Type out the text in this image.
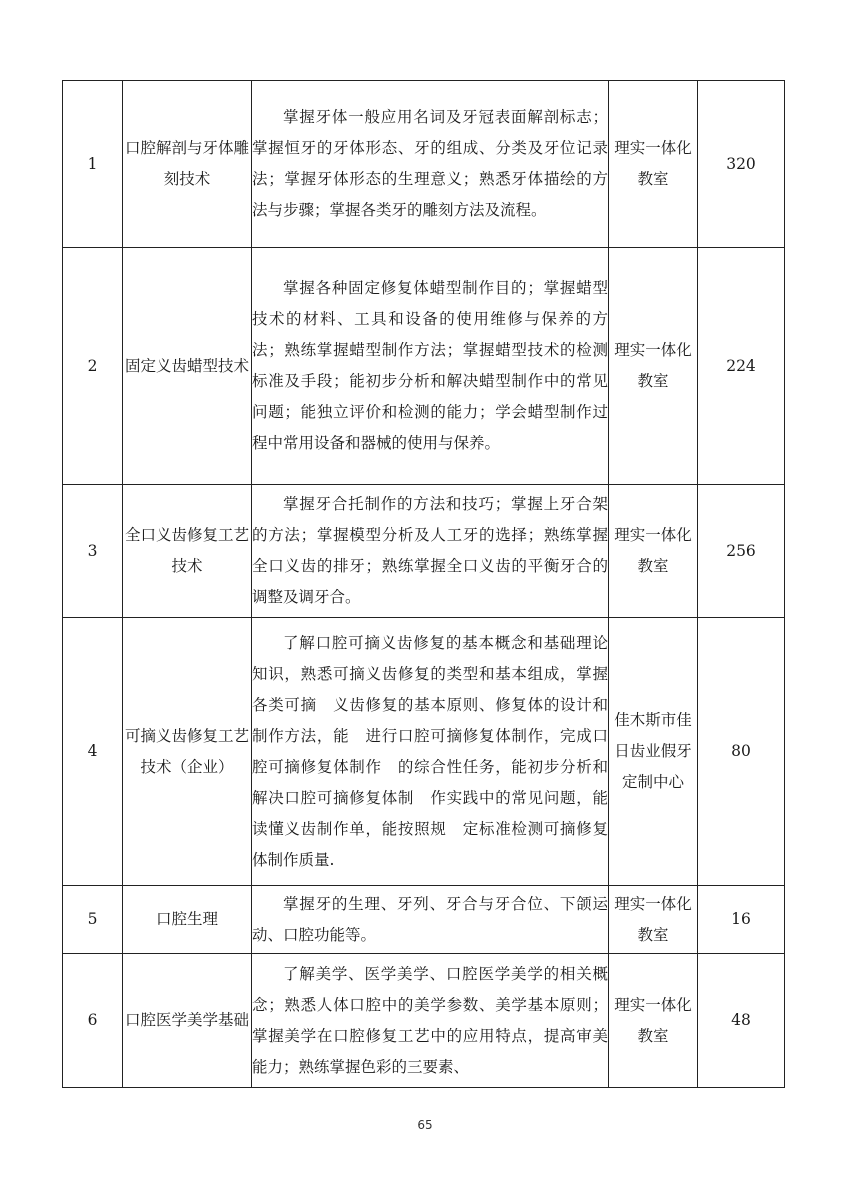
1	口腔解剖与牙体雕刻技术	掌握牙体一般应用名词及牙冠表面解剖标志；掌握恒牙的牙体形态、牙的组成、分类及牙位记录法；掌握牙体形态的生理意义；熟悉牙体描绘的方法与步骤；掌握各类牙的雕刻方法及流程。	理实一体化教室	320
2	固定义齿蜡型技术	掌握各种固定修复体蜡型制作目的；掌握蜡型技术的材料、工具和设备的使用维修与保养的方法；熟练掌握蜡型制作方法；掌握蜡型技术的检测标准及手段；能初步分析和解决蜡型制作中的常见问题；能独立评价和检测的能力；学会蜡型制作过程中常用设备和器械的使用与保养。	理实一体化教室	224
3	全口义齿修复工艺技术	掌握牙合托制作的方法和技巧；掌握上牙合架的方法；掌握模型分析及人工牙的选择；熟练掌握全口义齿的排牙；熟练掌握全口义齿的平衡牙合的调整及调牙合。	理实一体化教室	256
4	可摘义齿修复工艺技术（企业）	了解口腔可摘义齿修复的基本概念和基础理论知识，熟悉可摘义齿修复的类型和基本组成，掌握各类可摘　义齿修复的基本原则、修复体的设计和制作方法，能　进行口腔可摘修复体制作，完成口腔可摘修复体制作　的综合性任务，能初步分析和解决口腔可摘修复体制　作实践中的常见问题，能读懂义齿制作单，能按照规　定标准检测可摘修复体制作质量.	佳木斯市佳日齿业假牙定制中心	80
5	口腔生理	掌握牙的生理、牙列、牙合与牙合位、下颌运动、口腔功能等。	理实一体化教室	16
6	口腔医学美学基础	了解美学、医学美学、口腔医学美学的相关概念；熟悉人体口腔中的美学参数、美学基本原则；掌握美学在口腔修复工艺中的应用特点，提高审美能力；熟练掌握色彩的三要素、	理实一体化教室	48
65
